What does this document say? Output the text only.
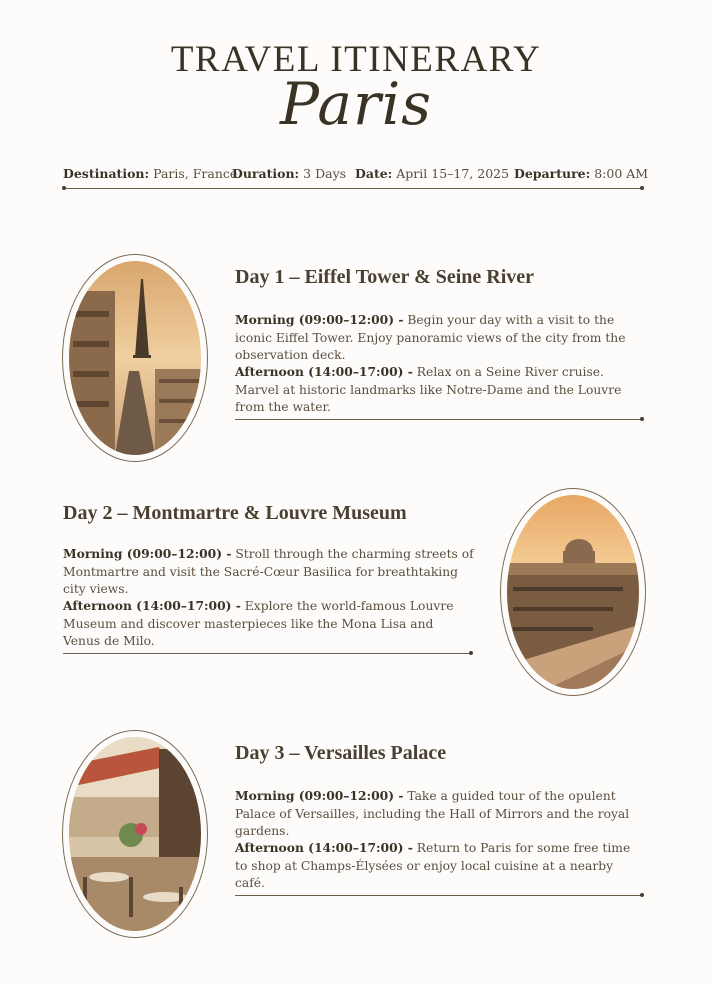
TRAVEL ITINERARY
Paris
Destination: Paris, France
Duration: 3 Days Date: April 15–17, 2025 Departure: 8:00 AM
Day 1 – Eiffel Tower & Seine River
Morning (09:00–12:00) - Begin your day with a visit to the iconic Eiffel Tower. Enjoy panoramic views of the city from the observation deck.
Afternoon (14:00–17:00) - Relax on a Seine River cruise. Marvel at historic landmarks like Notre-Dame and the Louvre from the water.
Day 2 – Montmartre & Louvre Museum
Morning (09:00–12:00) - Stroll through the charming streets of Montmartre and visit the Sacré-Cœur Basilica for breathtaking city views.
Afternoon (14:00–17:00) - Explore the world-famous Louvre Museum and discover masterpieces like the Mona Lisa and Venus de Milo.
Day 3 – Versailles Palace
Morning (09:00–12:00) - Take a guided tour of the opulent Palace of Versailles, including the Hall of Mirrors and the royal gardens.
Afternoon (14:00–17:00) - Return to Paris for some free time to shop at Champs-Élysées or enjoy local cuisine at a nearby café.
